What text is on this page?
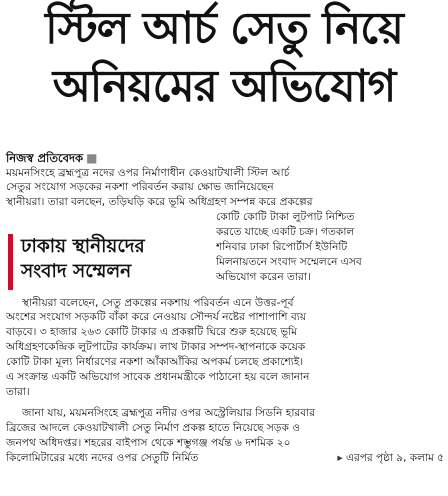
স্টিল আর্চ সেতু নিয়ে
অনিয়মের অভিযোগ
নিজস্ব প্রতিবেদক ■
ময়মনসিংহে ব্রহ্মপুত্র নদের ওপর নির্মাণাধীন কেওয়াটখালী স্টিল আর্চ
সেতুর সংযোগ সড়কের নকশা পরিবর্তন করায় ক্ষোভ জানিয়েছেন
স্থানীয়রা। তারা বলছেন, তড়িঘড়ি করে ভূমি অধিগ্রহণ সম্পন্ন করে প্রকল্পের
কোটি কোটি টাকা লুটপাট নিশ্চিত
করতে যাচ্ছে একটি চক্র। গতকাল
শনিবার ঢাকা রিপোর্টার্স ইউনিটি
মিলনায়তনে সংবাদ সম্মেলনে এসব
অভিযোগ করেন তারা।
ঢাকায় স্থানীয়দের
সংবাদ সম্মেলন
স্থানীয়রা বলেছেন, সেতু প্রকল্পের নকশায় পরিবর্তন এনে উত্তর-পূর্ব
অংশের সংযোগ সড়কটি বাঁকা করে নেওয়ায় সৌন্দর্য নষ্টের পাশাপাশি ব্যয়
বাড়বে। ৩ হাজার ২৬৩ কোটি টাকার এ প্রকল্পটি ঘিরে শুরু হয়েছে ভূমি
অধিগ্রহণকেন্দ্রিক লুটপাটের কার্যক্রম। লাখ টাকার সম্পদ-স্থাপনাকে কয়েক
কোটি টাকা মূল্য নির্ধারণের নকশা আঁকাআঁকির অপকর্ম চলছে প্রকাশ্যেই।
এ সংক্রান্ত একটি অভিযোগ সাবেক প্রধানমন্ত্রীকে পাঠানো হয় বলে জানান
তারা।
জানা যায়, ময়মনসিংহে ব্রহ্মপুত্র নদীর ওপর অস্ট্রেলিয়ার সিডনি হারবার
ব্রিজের আদলে কেওয়াটখালী সেতু নির্মাণ প্রকল্প হাতে নিয়েছে সড়ক ও
জনপথ অধিদপ্তর। শহরের বাইপাস থেকে শম্ভুগঞ্জ পর্যন্ত ৬ দশমিক ২০
কিলোমিটারের মধ্যে নদের ওপর সেতুটি নির্মিত	▸ এরপর পৃষ্ঠা ৯, কলাম ৫
